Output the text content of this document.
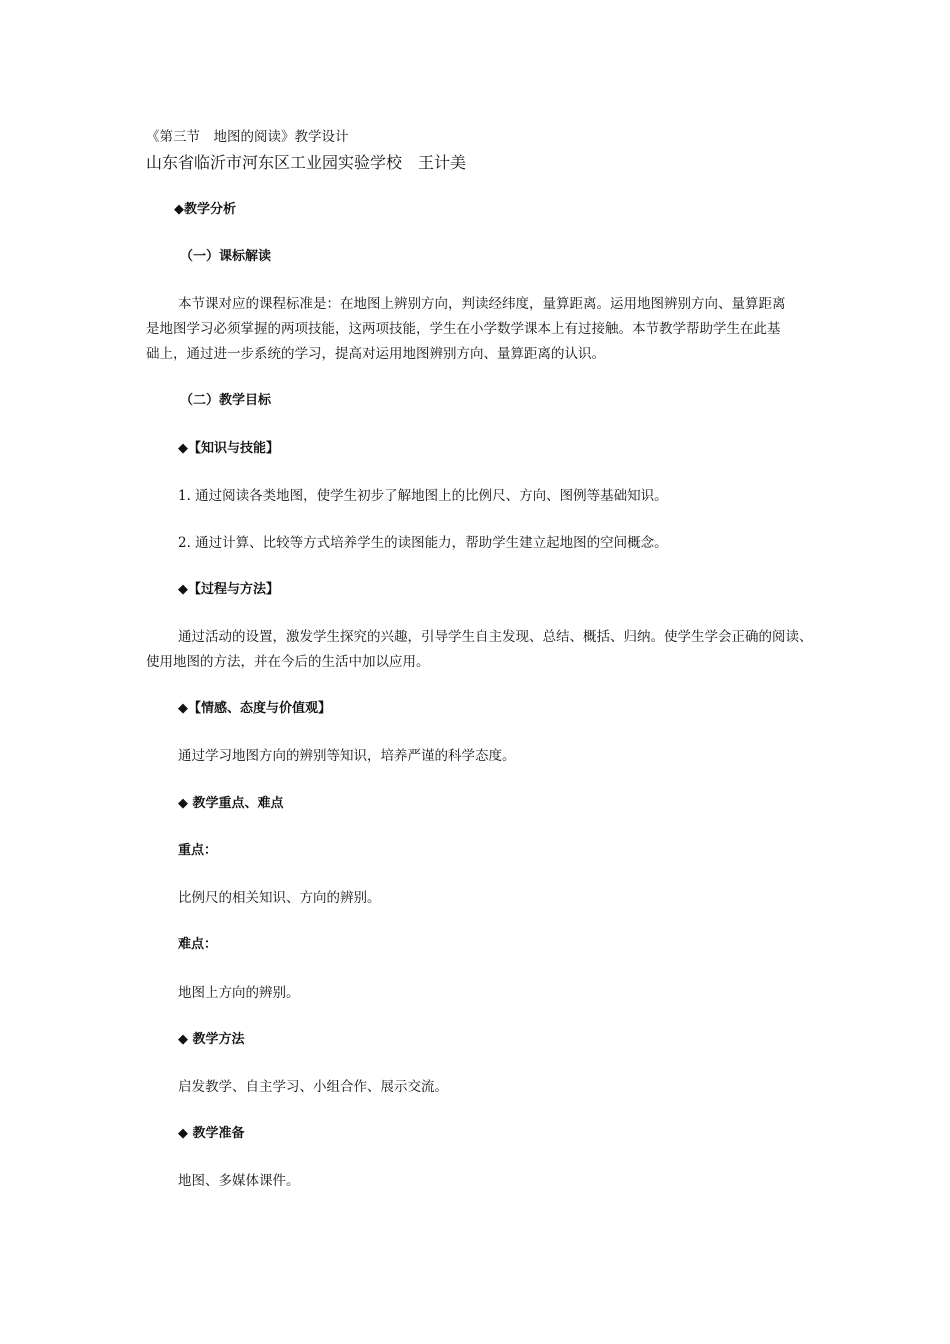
《第三节　地图的阅读》教学设计
山东省临沂市河东区工业园实验学校　王计美
◆教学分析
（一）课标解读
本节课对应的课程标准是：在地图上辨别方向，判读经纬度，量算距离。运用地图辨别方向、量算距离
是地图学习必须掌握的两项技能，这两项技能，学生在小学数学课本上有过接触。本节教学帮助学生在此基
础上，通过进一步系统的学习，提高对运用地图辨别方向、量算距离的认识。
（二）教学目标
◆【知识与技能】
1. 通过阅读各类地图，使学生初步了解地图上的比例尺、方向、图例等基础知识。
2. 通过计算、比较等方式培养学生的读图能力，帮助学生建立起地图的空间概念。
◆【过程与方法】
通过活动的设置，激发学生探究的兴趣，引导学生自主发现、总结、概括、归纳。使学生学会正确的阅读、
使用地图的方法，并在今后的生活中加以应用。
◆【情感、态度与价值观】
通过学习地图方向的辨别等知识，培养严谨的科学态度。
◆ 教学重点、难点
重点：
比例尺的相关知识、方向的辨别。
难点：
地图上方向的辨别。
◆ 教学方法
启发教学、自主学习、小组合作、展示交流。
◆ 教学准备
地图、多媒体课件。
